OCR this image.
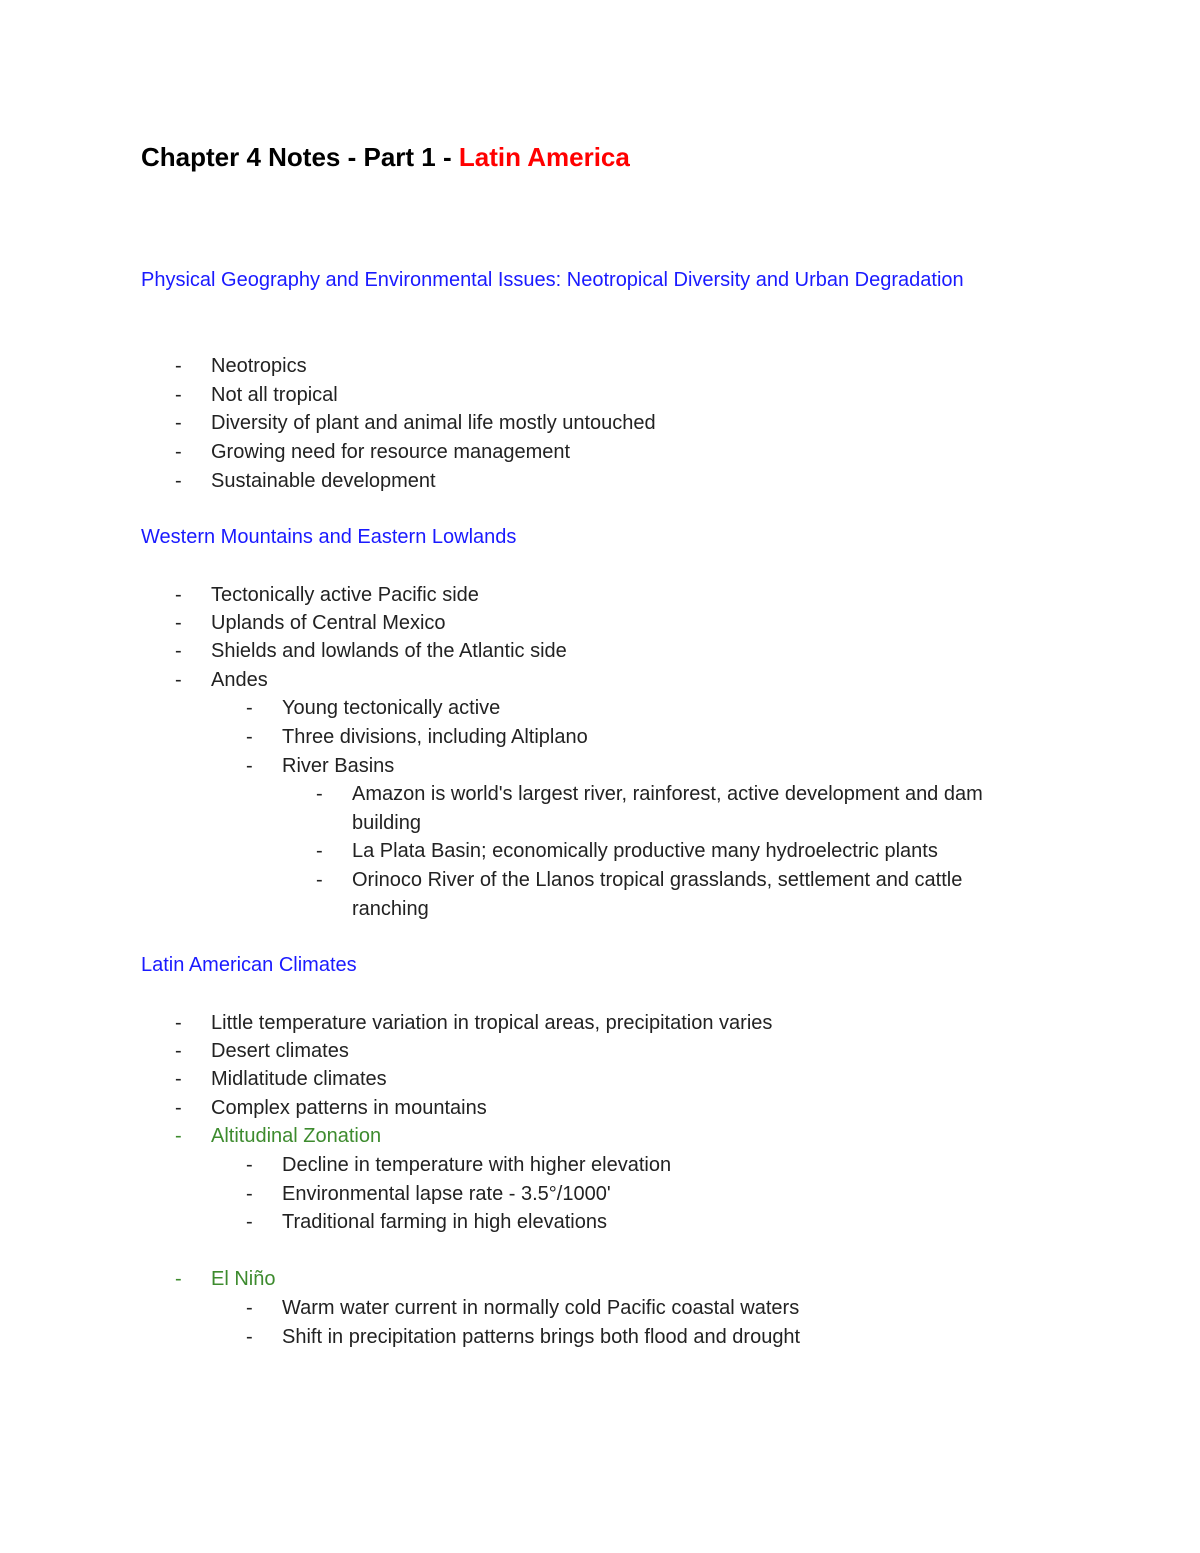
Chapter 4 Notes - Part 1 - Latin America
Physical Geography and Environmental Issues: Neotropical Diversity and Urban Degradation
- Neotropics
- Not all tropical
- Diversity of plant and animal life mostly untouched
- Growing need for resource management
- Sustainable development
Western Mountains and Eastern Lowlands
- Tectonically active Pacific side
- Uplands of Central Mexico
- Shields and lowlands of the Atlantic side
- Andes
- Young tectonically active
- Three divisions, including Altiplano
- River Basins
- Amazon is world's largest river, rainforest, active development and dam
building
- La Plata Basin; economically productive many hydroelectric plants
- Orinoco River of the Llanos tropical grasslands, settlement and cattle
ranching
Latin American Climates
- Little temperature variation in tropical areas, precipitation varies
- Desert climates
- Midlatitude climates
- Complex patterns in mountains
- Altitudinal Zonation
- Decline in temperature with higher elevation
- Environmental lapse rate - 3.5°/1000'
- Traditional farming in high elevations
- El Niño
- Warm water current in normally cold Pacific coastal waters
- Shift in precipitation patterns brings both flood and drought
